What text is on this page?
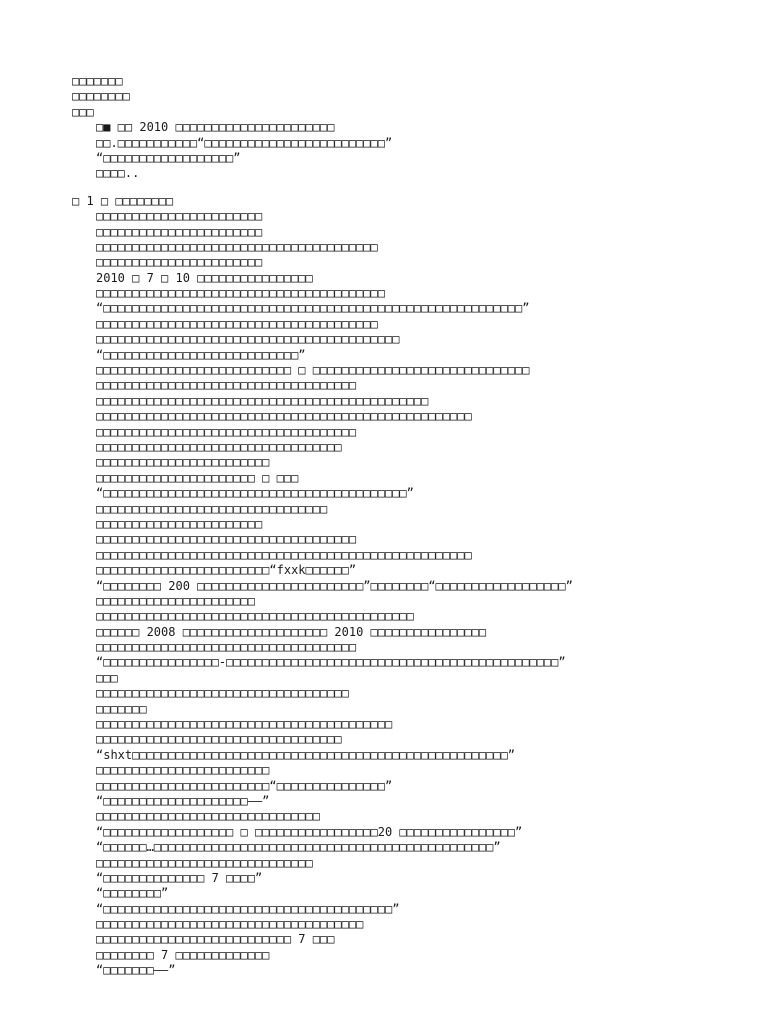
□□□□□□□
□□□□□□□□
□□□
□■ □□ 2010 □□□□□□□□□□□□□□□□□□□□□□
□□.□□□□□□□□□□□“□□□□□□□□□□□□□□□□□□□□□□□□□”
“□□□□□□□□□□□□□□□□□□”
□□□□..
□ 1 □ □□□□□□□□
□□□□□□□□□□□□□□□□□□□□□□□
□□□□□□□□□□□□□□□□□□□□□□□
□□□□□□□□□□□□□□□□□□□□□□□□□□□□□□□□□□□□□□□
□□□□□□□□□□□□□□□□□□□□□□□
2010 □ 7 □ 10 □□□□□□□□□□□□□□□□
□□□□□□□□□□□□□□□□□□□□□□□□□□□□□□□□□□□□□□□□
“□□□□□□□□□□□□□□□□□□□□□□□□□□□□□□□□□□□□□□□□□□□□□□□□□□□□□□□□□□”
□□□□□□□□□□□□□□□□□□□□□□□□□□□□□□□□□□□□□□□
□□□□□□□□□□□□□□□□□□□□□□□□□□□□□□□□□□□□□□□□□□
“□□□□□□□□□□□□□□□□□□□□□□□□□□□”
□□□□□□□□□□□□□□□□□□□□□□□□□□□ □ □□□□□□□□□□□□□□□□□□□□□□□□□□□□□□
□□□□□□□□□□□□□□□□□□□□□□□□□□□□□□□□□□□□
□□□□□□□□□□□□□□□□□□□□□□□□□□□□□□□□□□□□□□□□□□□□□□
□□□□□□□□□□□□□□□□□□□□□□□□□□□□□□□□□□□□□□□□□□□□□□□□□□□□
□□□□□□□□□□□□□□□□□□□□□□□□□□□□□□□□□□□□
□□□□□□□□□□□□□□□□□□□□□□□□□□□□□□□□□□
□□□□□□□□□□□□□□□□□□□□□□□□
□□□□□□□□□□□□□□□□□□□□□□ □ □□□
“□□□□□□□□□□□□□□□□□□□□□□□□□□□□□□□□□□□□□□□□□□”
□□□□□□□□□□□□□□□□□□□□□□□□□□□□□□□□
□□□□□□□□□□□□□□□□□□□□□□□
□□□□□□□□□□□□□□□□□□□□□□□□□□□□□□□□□□□□
□□□□□□□□□□□□□□□□□□□□□□□□□□□□□□□□□□□□□□□□□□□□□□□□□□□□
□□□□□□□□□□□□□□□□□□□□□□□□“fxxk□□□□□□”
“□□□□□□□□ 200 □□□□□□□□□□□□□□□□□□□□□□□”□□□□□□□□“□□□□□□□□□□□□□□□□□□”
□□□□□□□□□□□□□□□□□□□□□□
□□□□□□□□□□□□□□□□□□□□□□□□□□□□□□□□□□□□□□□□□□□□
□□□□□□ 2008 □□□□□□□□□□□□□□□□□□□□ 2010 □□□□□□□□□□□□□□□□
□□□□□□□□□□□□□□□□□□□□□□□□□□□□□□□□□□□□
“□□□□□□□□□□□□□□□□-□□□□□□□□□□□□□□□□□□□□□□□□□□□□□□□□□□□□□□□□□□□□□□”
□□□
□□□□□□□□□□□□□□□□□□□□□□□□□□□□□□□□□□□
□□□□□□□
□□□□□□□□□□□□□□□□□□□□□□□□□□□□□□□□□□□□□□□□□
□□□□□□□□□□□□□□□□□□□□□□□□□□□□□□□□□□
“shxt□□□□□□□□□□□□□□□□□□□□□□□□□□□□□□□□□□□□□□□□□□□□□□□□□□□□”
□□□□□□□□□□□□□□□□□□□□□□□□
□□□□□□□□□□□□□□□□□□□□□□□□“□□□□□□□□□□□□□□□”
“□□□□□□□□□□□□□□□□□□□□——”
□□□□□□□□□□□□□□□□□□□□□□□□□□□□□□□
“□□□□□□□□□□□□□□□□□□ □ □□□□□□□□□□□□□□□□□20 □□□□□□□□□□□□□□□□”
“□□□□□□…□□□□□□□□□□□□□□□□□□□□□□□□□□□□□□□□□□□□□□□□□□□□□□□”
□□□□□□□□□□□□□□□□□□□□□□□□□□□□□□
“□□□□□□□□□□□□□□ 7 □□□□”
“□□□□□□□□”
“□□□□□□□□□□□□□□□□□□□□□□□□□□□□□□□□□□□□□□□□”
□□□□□□□□□□□□□□□□□□□□□□□□□□□□□□□□□□□□□
□□□□□□□□□□□□□□□□□□□□□□□□□□□ 7 □□□
□□□□□□□□ 7 □□□□□□□□□□□□□
“□□□□□□□——”
